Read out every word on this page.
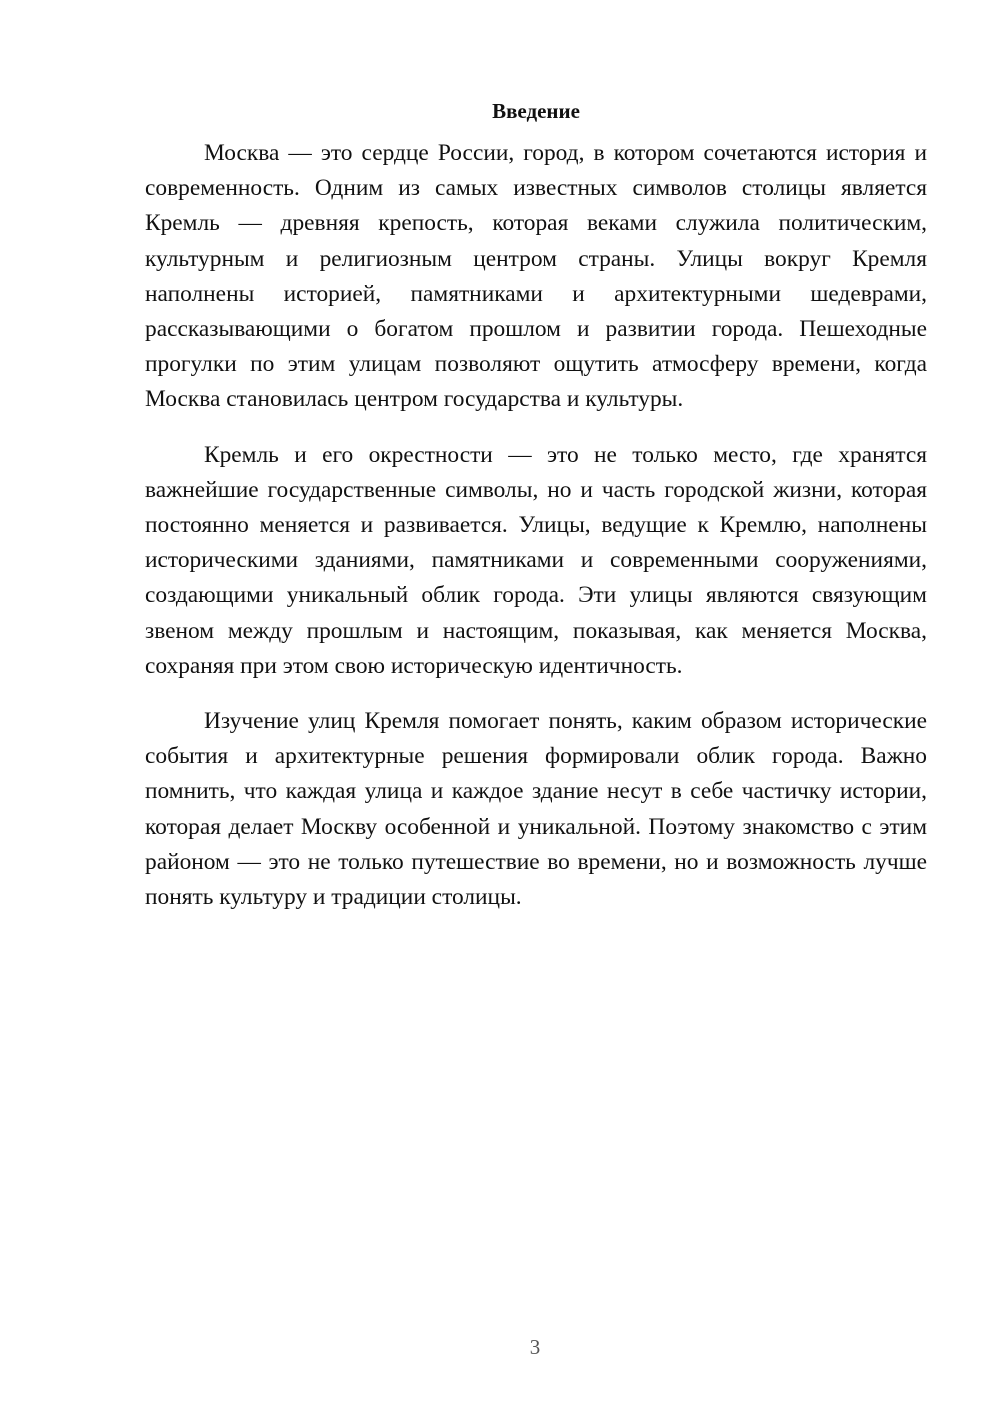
Введение

Москва — это сердце России, город, в котором сочетаются история и современность. Одним из самых известных символов столицы является Кремль — древняя крепость, которая веками служила политическим, культурным и религиозным центром страны. Улицы вокруг Кремля наполнены историей, памятниками и архитектурными шедеврами, рассказывающими о богатом прошлом и развитии города. Пешеходные прогулки по этим улицам позволяют ощутить атмосферу времени, когда Москва становилась центром государства и культуры.

Кремль и его окрестности — это не только место, где хранятся важнейшие государственные символы, но и часть городской жизни, которая постоянно меняется и развивается. Улицы, ведущие к Кремлю, наполнены историческими зданиями, памятниками и современными сооружениями, создающими уникальный облик города. Эти улицы являются связующим звеном между прошлым и настоящим, показывая, как меняется Москва, сохраняя при этом свою историческую идентичность.

Изучение улиц Кремля помогает понять, каким образом исторические события и архитектурные решения формировали облик города. Важно помнить, что каждая улица и каждое здание несут в себе частичку истории, которая делает Москву особенной и уникальной. Поэтому знакомство с этим районом — это не только путешествие во времени, но и возможность лучше понять культуру и традиции столицы.

3
